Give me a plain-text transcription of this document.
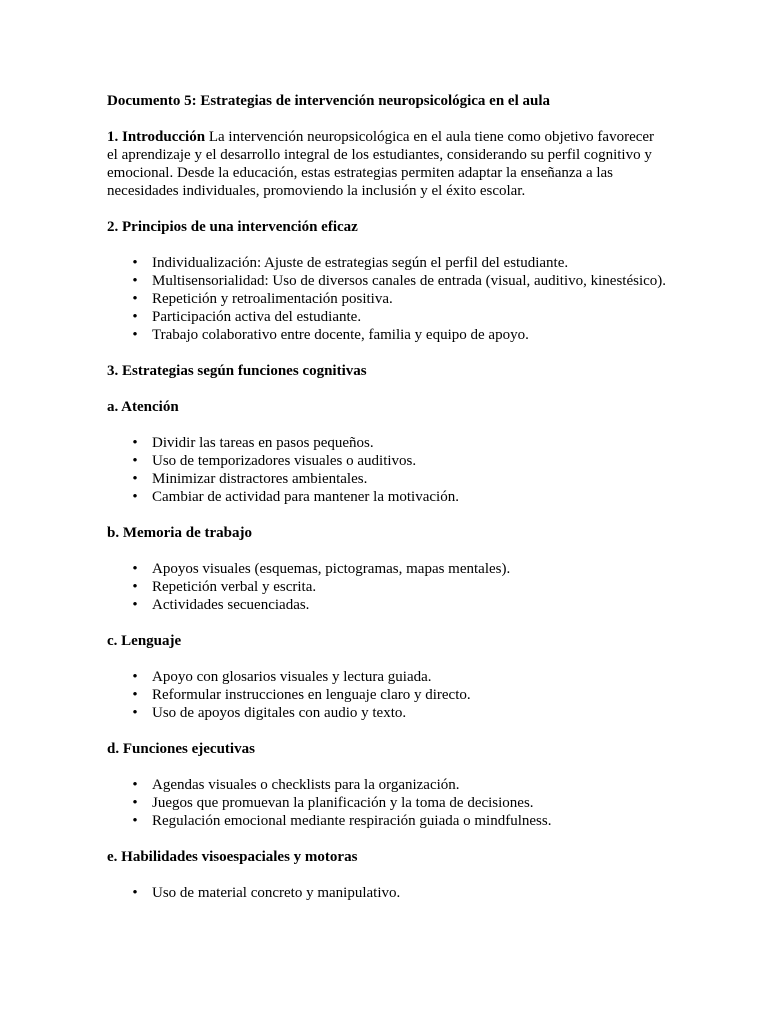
Documento 5: Estrategias de intervención neuropsicológica en el aula
1. Introducción La intervención neuropsicológica en el aula tiene como objetivo favorecer el aprendizaje y el desarrollo integral de los estudiantes, considerando su perfil cognitivo y emocional. Desde la educación, estas estrategias permiten adaptar la enseñanza a las necesidades individuales, promoviendo la inclusión y el éxito escolar.
2. Principios de una intervención eficaz
• Individualización: Ajuste de estrategias según el perfil del estudiante.
• Multisensorialidad: Uso de diversos canales de entrada (visual, auditivo, kinestésico).
• Repetición y retroalimentación positiva.
• Participación activa del estudiante.
• Trabajo colaborativo entre docente, familia y equipo de apoyo.
3. Estrategias según funciones cognitivas
a. Atención
• Dividir las tareas en pasos pequeños.
• Uso de temporizadores visuales o auditivos.
• Minimizar distractores ambientales.
• Cambiar de actividad para mantener la motivación.
b. Memoria de trabajo
• Apoyos visuales (esquemas, pictogramas, mapas mentales).
• Repetición verbal y escrita.
• Actividades secuenciadas.
c. Lenguaje
• Apoyo con glosarios visuales y lectura guiada.
• Reformular instrucciones en lenguaje claro y directo.
• Uso de apoyos digitales con audio y texto.
d. Funciones ejecutivas
• Agendas visuales o checklists para la organización.
• Juegos que promuevan la planificación y la toma de decisiones.
• Regulación emocional mediante respiración guiada o mindfulness.
e. Habilidades visoespaciales y motoras
• Uso de material concreto y manipulativo.
